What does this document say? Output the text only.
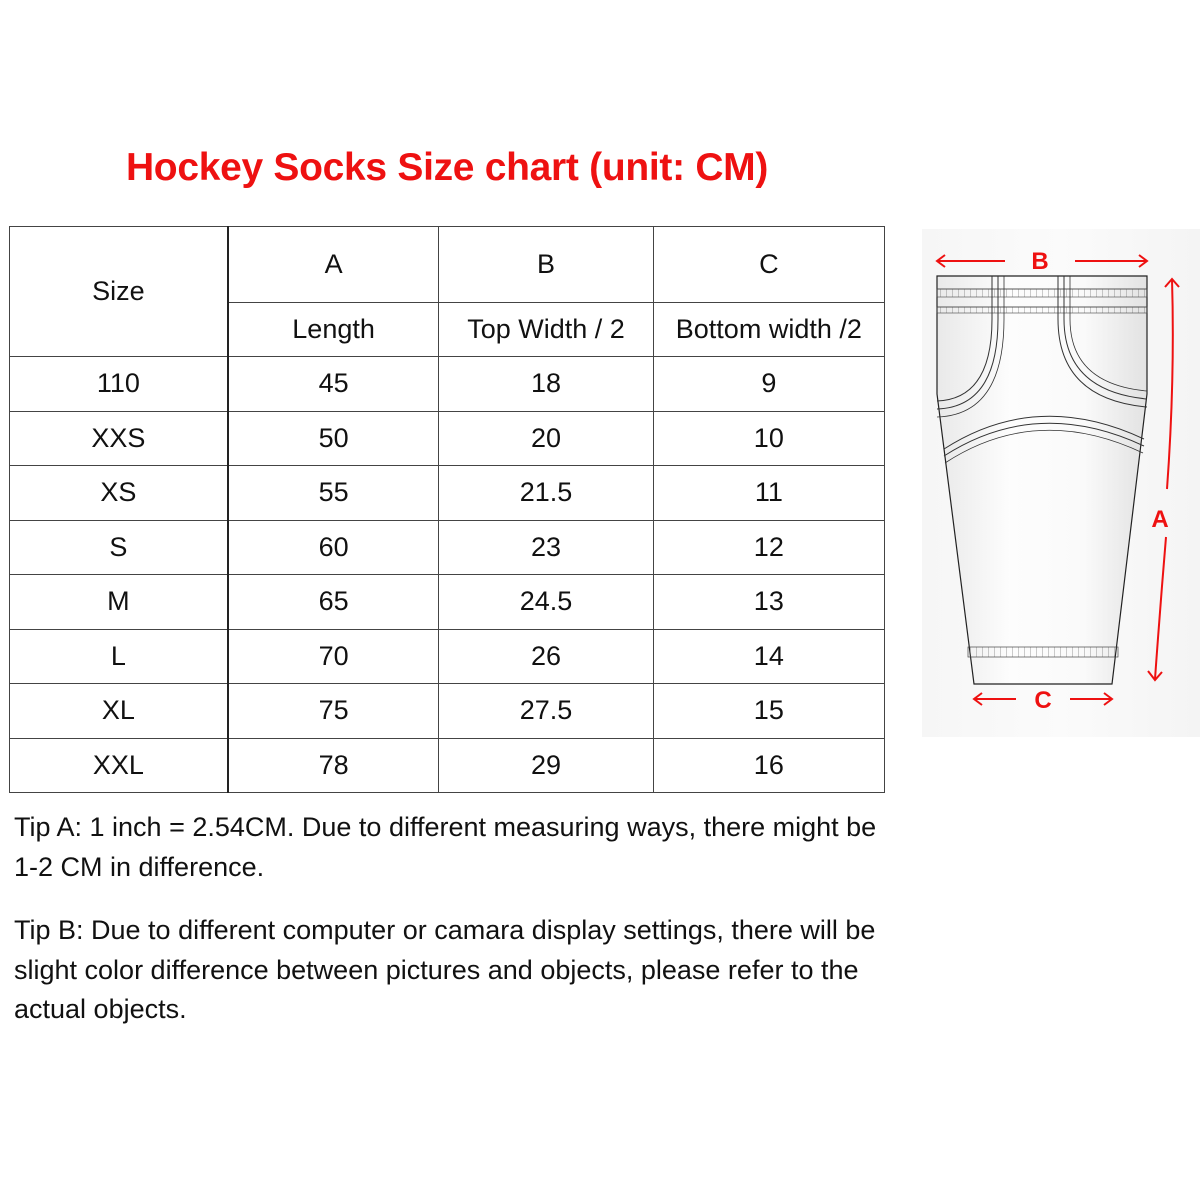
Hockey Socks Size chart (unit: CM)
Size	A	B	C
	Length	Top Width / 2	Bottom width /2
110	45	18	9
XXS	50	20	10
XS	55	21.5	11
S	60	23	12
M	65	24.5	13
L	70	26	14
XL	75	27.5	15
XXL	78	29	16

Tip A: 1 inch = 2.54CM. Due to different measuring ways, there might be 1-2 CM in difference.

Tip B: Due to different computer or camara display settings, there will be slight color difference between pictures and objects, please refer to the actual objects.

B
A
C
